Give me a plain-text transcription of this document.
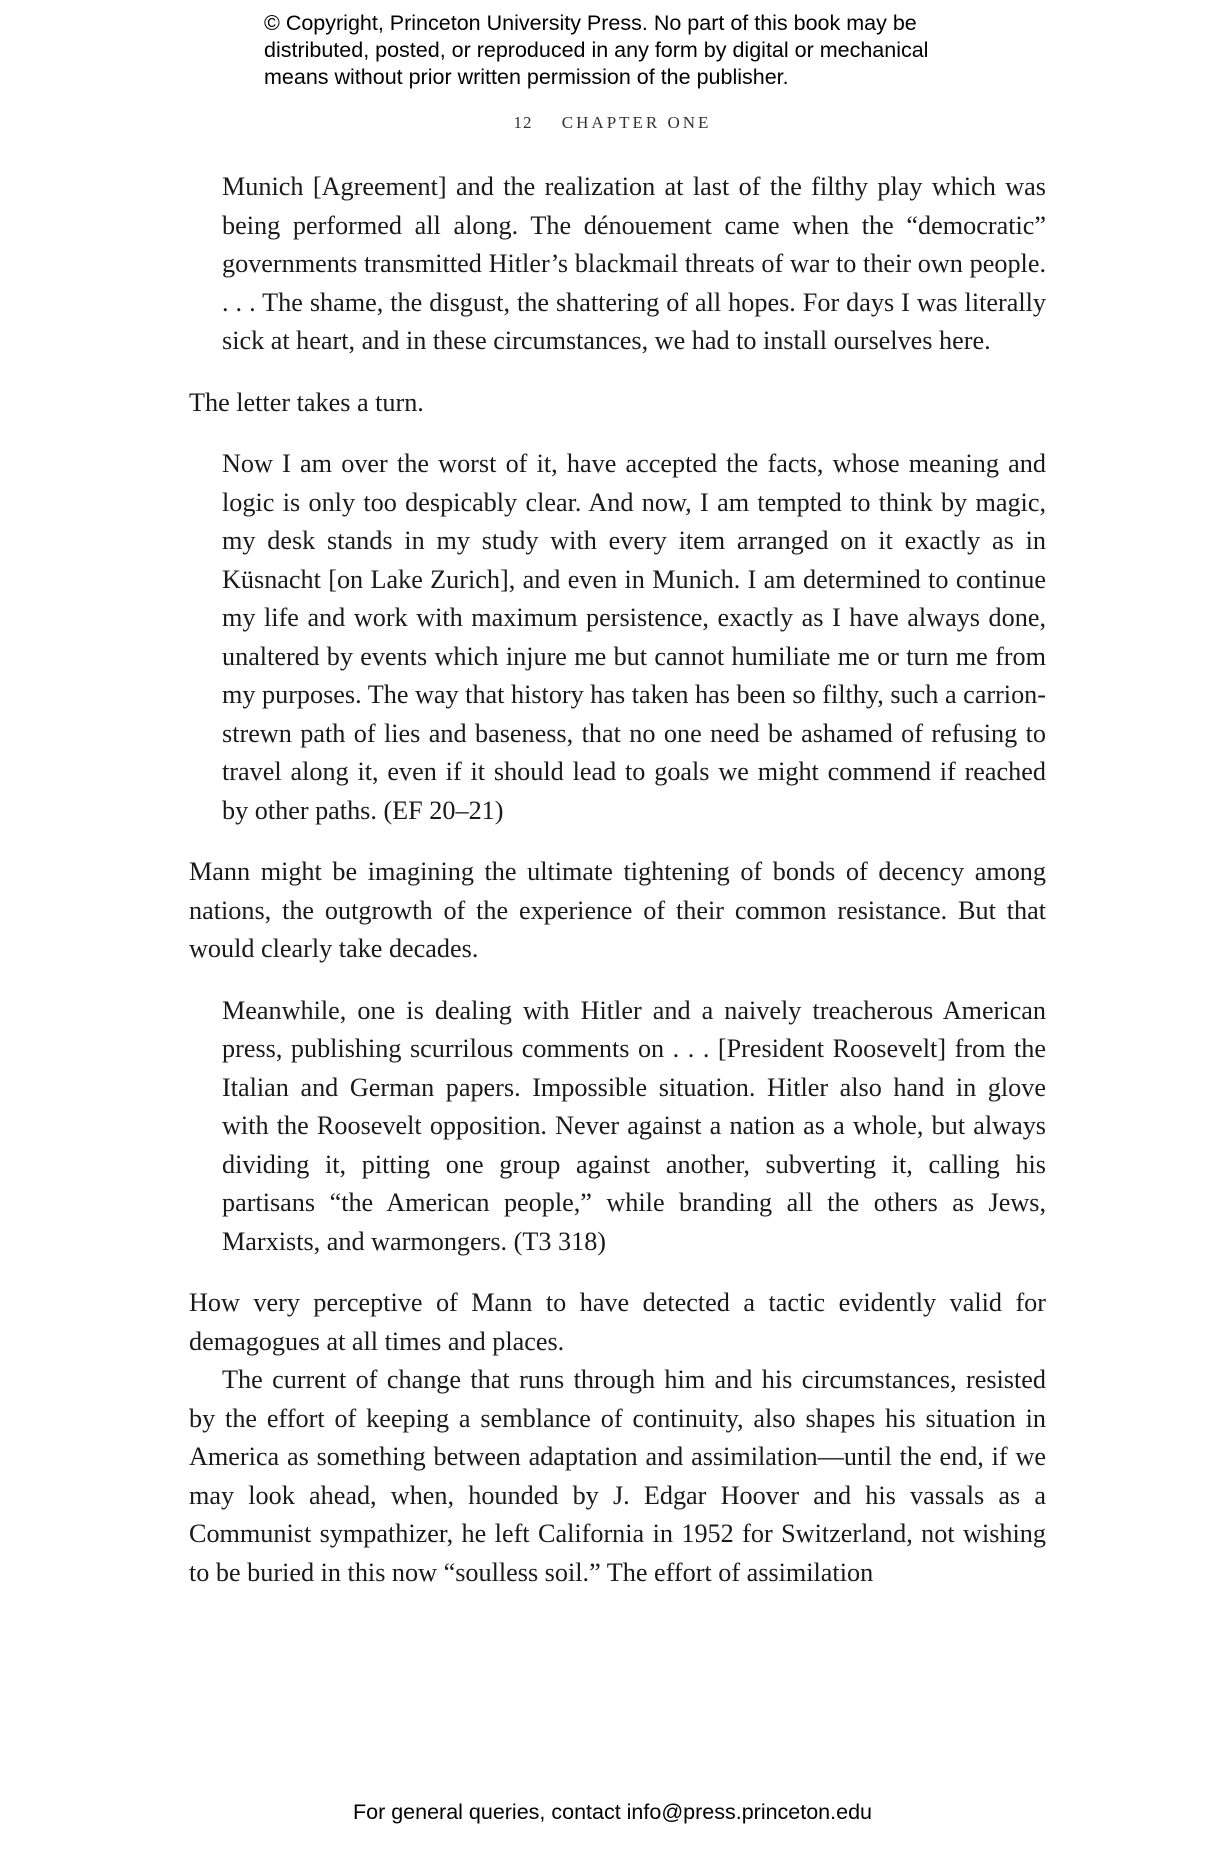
© Copyright, Princeton University Press. No part of this book may be
distributed, posted, or reproduced in any form by digital or mechanical
means without prior written permission of the publisher.
12 CHAPTER ONE

Munich [Agreement] and the realization at last of the filthy play which was being performed all along. The dénouement came when the “democratic” governments transmitted Hitler’s blackmail threats of war to their own people. . . . The shame, the disgust, the shattering of all hopes. For days I was literally sick at heart, and in these circumstances, we had to install ourselves here.

The letter takes a turn.

Now I am over the worst of it, have accepted the facts, whose meaning and logic is only too despicably clear. And now, I am tempted to think by magic, my desk stands in my study with every item arranged on it exactly as in Küsnacht [on Lake Zurich], and even in Munich. I am determined to continue my life and work with maximum persistence, exactly as I have always done, unaltered by events which injure me but cannot humiliate me or turn me from my purposes. The way that history has taken has been so filthy, such a carrion-strewn path of lies and baseness, that no one need be ashamed of refusing to travel along it, even if it should lead to goals we might commend if reached by other paths. (EF 20–21)

Mann might be imagining the ultimate tightening of bonds of decency among nations, the outgrowth of the experience of their common resistance. But that would clearly take decades.

Meanwhile, one is dealing with Hitler and a naively treacherous American press, publishing scurrilous comments on . . . [President Roosevelt] from the Italian and German papers. Impossible situation. Hitler also hand in glove with the Roosevelt opposition. Never against a nation as a whole, but always dividing it, pitting one group against another, subverting it, calling his partisans “the American people,” while branding all the others as Jews, Marxists, and warmongers. (T3 318)

How very perceptive of Mann to have detected a tactic evidently valid for demagogues at all times and places.

The current of change that runs through him and his circumstances, resisted by the effort of keeping a semblance of continuity, also shapes his situation in America as something between adaptation and assimilation—until the end, if we may look ahead, when, hounded by J. Edgar Hoover and his vassals as a Communist sympathizer, he left California in 1952 for Switzerland, not wishing to be buried in this now “soulless soil.” The effort of assimilation

For general queries, contact info@press.princeton.edu
